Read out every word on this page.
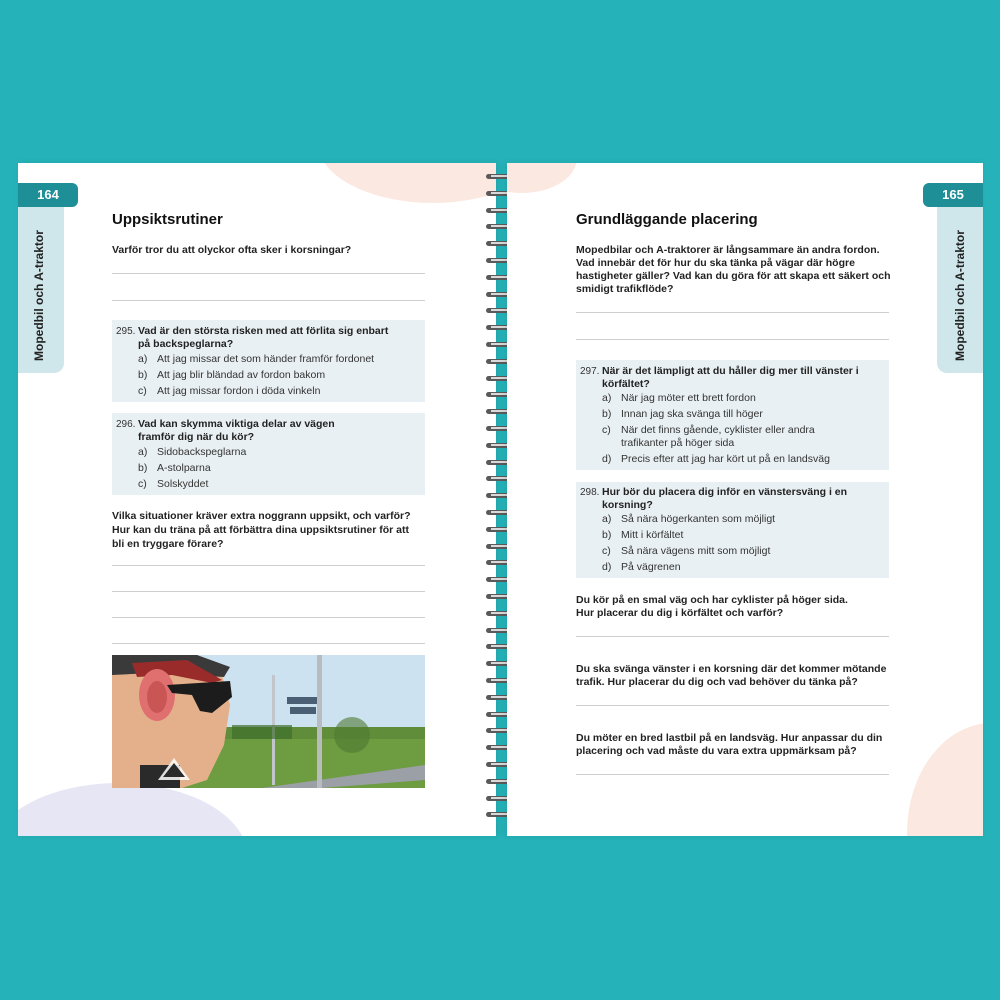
164
Mopedbil och A-traktor
Uppsiktsrutiner
Varför tror du att olyckor ofta sker i korsningar?
295. Vad är den största risken med att förlita sig enbart
på backspeglarna?
a) Att jag missar det som händer framför fordonet
b) Att jag blir bländad av fordon bakom
c) Att jag missar fordon i döda vinkeln
296. Vad kan skymma viktiga delar av vägen
framför dig när du kör?
a) Sidobackspeglarna
b) A-stolparna
c) Solskyddet
Vilka situationer kräver extra noggrann uppsikt, och varför?
Hur kan du träna på att förbättra dina uppsiktsrutiner för att
bli en tryggare förare?
165
Mopedbil och A-traktor
Grundläggande placering
Mopedbilar och A-traktorer är långsammare än andra fordon.
Vad innebär det för hur du ska tänka på vägar där högre
hastigheter gäller? Vad kan du göra för att skapa ett säkert och
smidigt trafikflöde?
297. När är det lämpligt att du håller dig mer till vänster i
körfältet?
a) När jag möter ett brett fordon
b) Innan jag ska svänga till höger
c) När det finns gående, cyklister eller andra
trafikanter på höger sida
d) Precis efter att jag har kört ut på en landsväg
298. Hur bör du placera dig inför en vänstersväng i en
korsning?
a) Så nära högerkanten som möjligt
b) Mitt i körfältet
c) Så nära vägens mitt som möjligt
d) På vägrenen
Du kör på en smal väg och har cyklister på höger sida.
Hur placerar du dig i körfältet och varför?
Du ska svänga vänster i en korsning där det kommer mötande
trafik. Hur placerar du dig och vad behöver du tänka på?
Du möter en bred lastbil på en landsväg. Hur anpassar du din
placering och vad måste du vara extra uppmärksam på?
